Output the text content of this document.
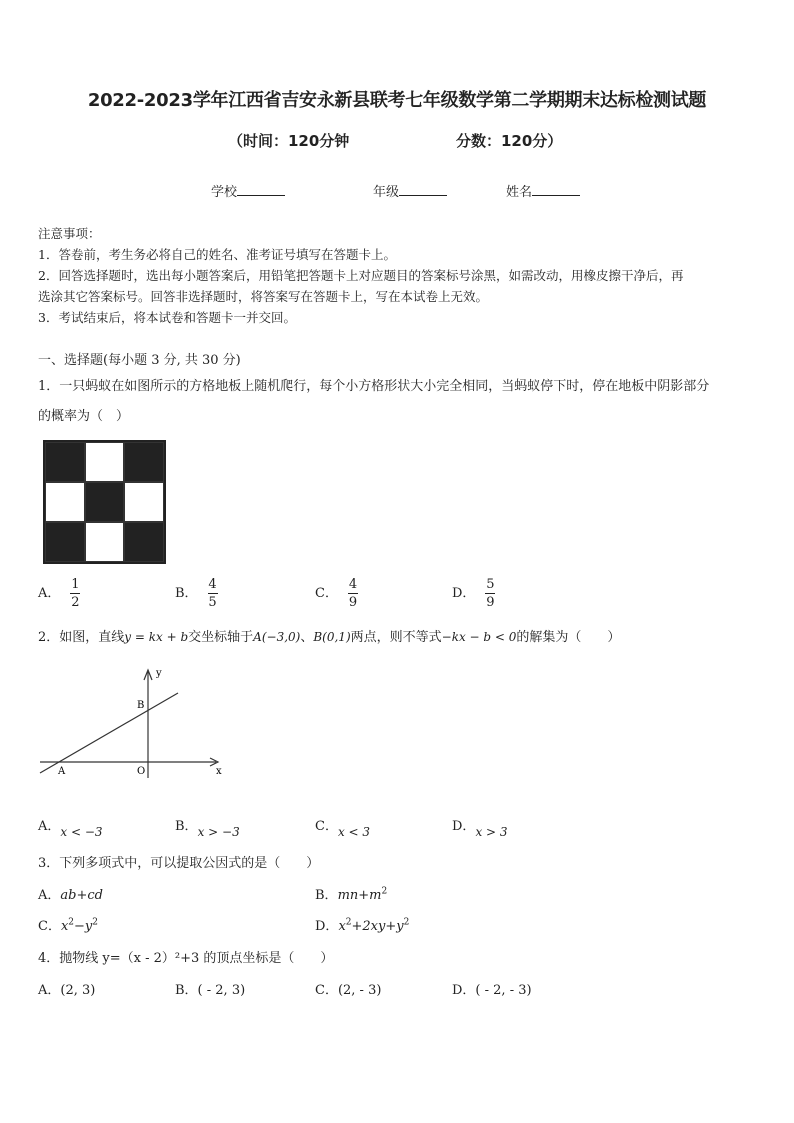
2022-2023学年江西省吉安永新县联考七年级数学第二学期期末达标检测试题
（时间：120分钟	分数：120分）
学校	年级	姓名
注意事项：
1．答卷前，考生务必将自己的姓名、准考证号填写在答题卡上。
2．回答选择题时，选出每小题答案后，用铅笔把答题卡上对应题目的答案标号涂黑，如需改动，用橡皮擦干净后，再
选涂其它答案标号。回答非选择题时，将答案写在答题卡上，写在本试卷上无效。
3．考试结束后，将本试卷和答题卡一并交回。
一、选择题(每小题 3 分, 共 30 分)
1．一只蚂蚁在如图所示的方格地板上随机爬行，每个小方格形状大小完全相同，当蚂蚁停下时，停在地板中阴影部分
的概率为（　）
A． $\frac{1}{2}$	B． $\frac{4}{5}$	C． $\frac{4}{9}$	D． $\frac{5}{9}$
2．如图，直线y = kx + b交坐标轴于A(−3,0)、B(0,1)两点，则不等式−kx − b < 0的解集为（　　）
y
x
B
A	O
A．x < −3	B．x > −3	C．x < 3	D．x > 3
3．下列多项式中，可以提取公因式的是（　　）
A．ab+cd	B．$mn+m^2$
C．$x^2-y^2$	D．$x^2+2xy+y^2$
4．抛物线 y=（x - 2）²+3 的顶点坐标是（　　）
A．(2, 3)	B．( - 2, 3)	C．(2, - 3)	D．( - 2, - 3)
